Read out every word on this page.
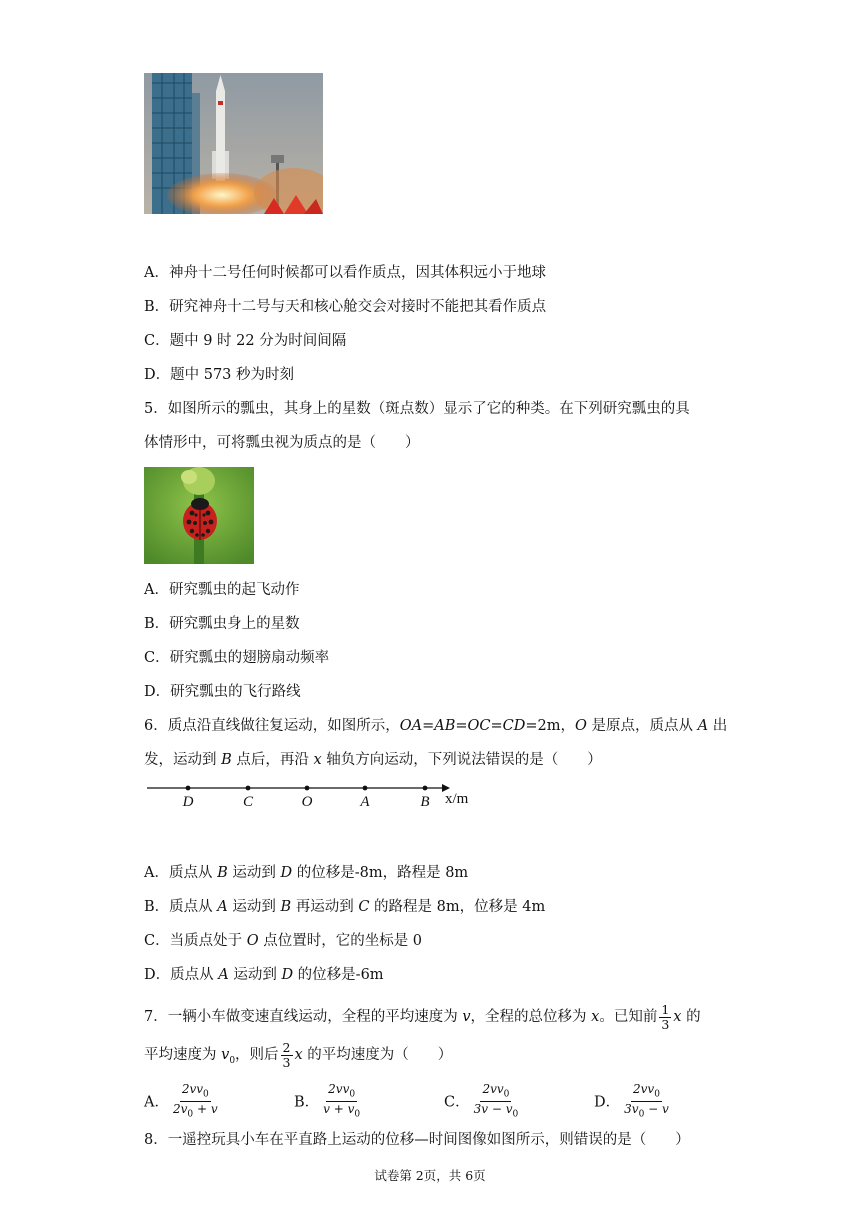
A．神舟十二号任何时候都可以看作质点，因其体积远小于地球
B．研究神舟十二号与天和核心舱交会对接时不能把其看作质点
C．题中 9 时 22 分为时间间隔
D．题中 573 秒为时刻
5．如图所示的瓢虫，其身上的星数（斑点数）显示了它的种类。在下列研究瓢虫的具
体情形中，可将瓢虫视为质点的是（　　）
A．研究瓢虫的起飞动作
B．研究瓢虫身上的星数
C．研究瓢虫的翅膀扇动频率
D．研究瓢虫的飞行路线
6．质点沿直线做往复运动，如图所示，OA=AB=OC=CD=2m，O 是原点，质点从 A 出
发，运动到 B 点后，再沿 x 轴负方向运动，下列说法错误的是（　　）
D	C	O	A	B x/m
A．质点从 B 运动到 D 的位移是-8m，路程是 8m
B．质点从 A 运动到 B 再运动到 C 的路程是 8m，位移是 4m
C．当质点处于 O 点位置时，它的坐标是 0
D．质点从 A 运动到 D 的位移是-6m
7．一辆小车做变速直线运动，全程的平均速度为 v，全程的总位移为 x。已知前 $\frac{1}{3}$ x 的
平均速度为 $v_0$，则后 $\frac{2}{3}$ x 的平均速度为（　　）
A． $\frac{2vv_0}{2v_0 + v}$	B． $\frac{2vv_0}{v + v_0}$	C． $\frac{2vv_0}{3v - v_0}$	D． $\frac{2vv_0}{3v_0 - v}$
8．一遥控玩具小车在平直路上运动的位移—时间图像如图所示，则错误的是（　　）
试卷第 2页，共 6页
